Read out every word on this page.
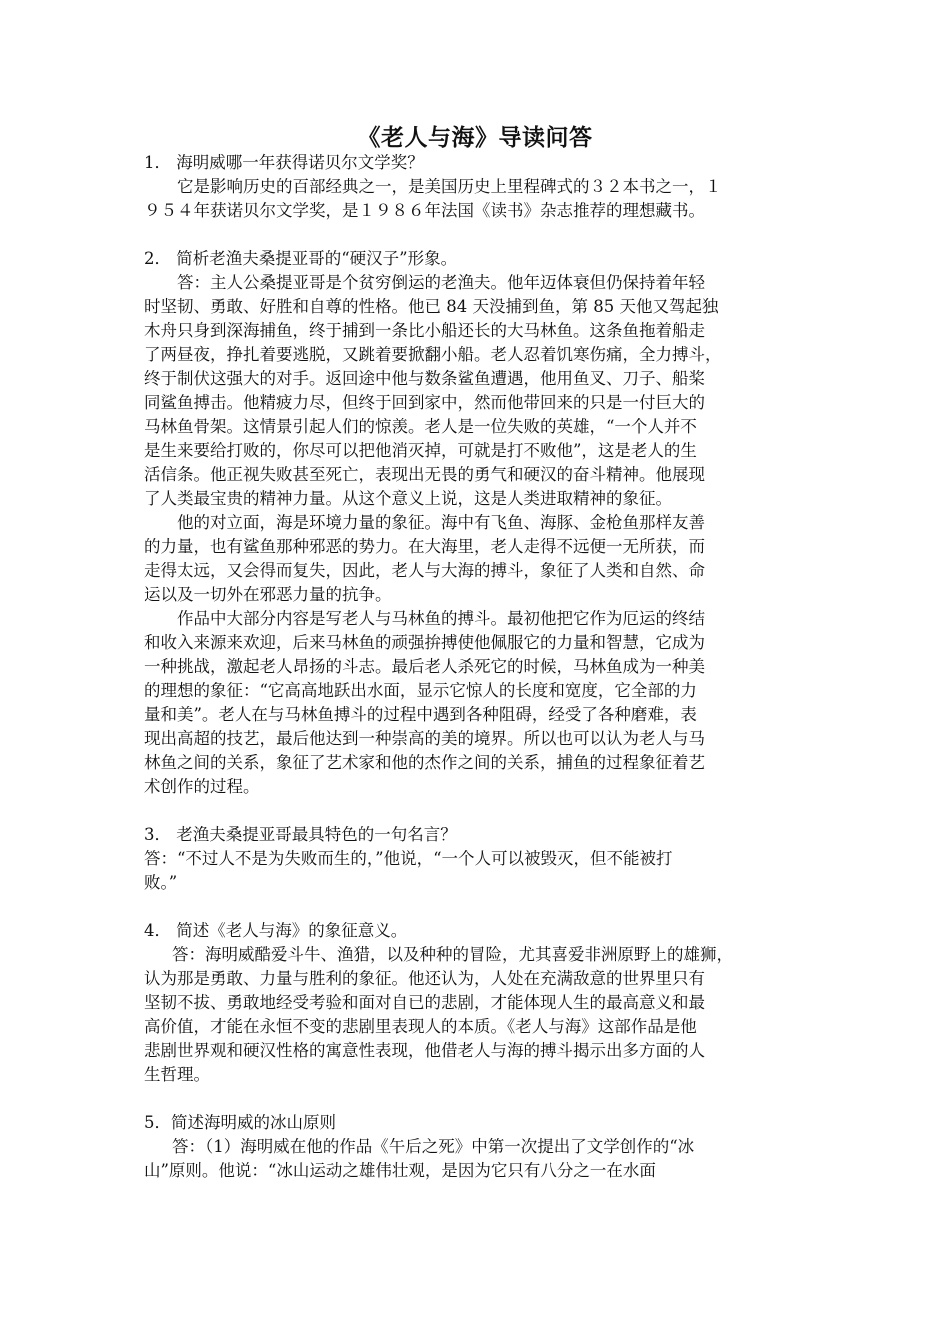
《老人与海》导读问答
1． 海明威哪一年获得诺贝尔文学奖？
它是影响历史的百部经典之一，是美国历史上里程碑式的３２本书之一，１
９５４年获诺贝尔文学奖，是１９８６年法国《读书》杂志推荐的理想藏书。
2． 简析老渔夫桑提亚哥的“硬汉子”形象。
答：主人公桑提亚哥是个贫穷倒运的老渔夫。他年迈体衰但仍保持着年轻
时坚韧、勇敢、好胜和自尊的性格。他已 84 天没捕到鱼，第 85 天他又驾起独
木舟只身到深海捕鱼，终于捕到一条比小船还长的大马林鱼。这条鱼拖着船走
了两昼夜，挣扎着要逃脱，又跳着要掀翻小船。老人忍着饥寒伤痛，全力搏斗，
终于制伏这强大的对手。返回途中他与数条鲨鱼遭遇，他用鱼叉、刀子、船桨
同鲨鱼搏击。他精疲力尽，但终于回到家中，然而他带回来的只是一付巨大的
马林鱼骨架。这情景引起人们的惊羡。老人是一位失败的英雄，“一个人并不
是生来要给打败的，你尽可以把他消灭掉，可就是打不败他”，这是老人的生
活信条。他正视失败甚至死亡，表现出无畏的勇气和硬汉的奋斗精神。他展现
了人类最宝贵的精神力量。从这个意义上说，这是人类进取精神的象征。
他的对立面，海是环境力量的象征。海中有飞鱼、海豚、金枪鱼那样友善
的力量，也有鲨鱼那种邪恶的势力。在大海里，老人走得不远便一无所获，而
走得太远，又会得而复失，因此，老人与大海的搏斗，象征了人类和自然、命
运以及一切外在邪恶力量的抗争。
作品中大部分内容是写老人与马林鱼的搏斗。最初他把它作为厄运的终结
和收入来源来欢迎，后来马林鱼的顽强拚搏使他佩服它的力量和智慧，它成为
一种挑战，激起老人昂扬的斗志。最后老人杀死它的时候，马林鱼成为一种美
的理想的象征：“它高高地跃出水面，显示它惊人的长度和宽度，它全部的力
量和美”。老人在与马林鱼搏斗的过程中遇到各种阻碍，经受了各种磨难，表
现出高超的技艺，最后他达到一种崇高的美的境界。所以也可以认为老人与马
林鱼之间的关系，象征了艺术家和他的杰作之间的关系，捕鱼的过程象征着艺
术创作的过程。
3． 老渔夫桑提亚哥最具特色的一句名言？
答：“不过人不是为失败而生的，”他说，“一个人可以被毁灭，但不能被打
败。”
4． 简述《老人与海》的象征意义。
答：海明威酷爱斗牛、渔猎，以及种种的冒险，尤其喜爱非洲原野上的雄狮，
认为那是勇敢、力量与胜利的象征。他还认为，人处在充满敌意的世界里只有
坚韧不拔、勇敢地经受考验和面对自已的悲剧，才能体现人生的最高意义和最
高价值，才能在永恒不变的悲剧里表现人的本质。《老人与海》这部作品是他
悲剧世界观和硬汉性格的寓意性表现，他借老人与海的搏斗揭示出多方面的人
生哲理。
5．简述海明威的冰山原则
答：（1）海明威在他的作品《午后之死》中第一次提出了文学创作的“冰
山”原则。他说：“冰山运动之雄伟壮观，是因为它只有八分之一在水面
